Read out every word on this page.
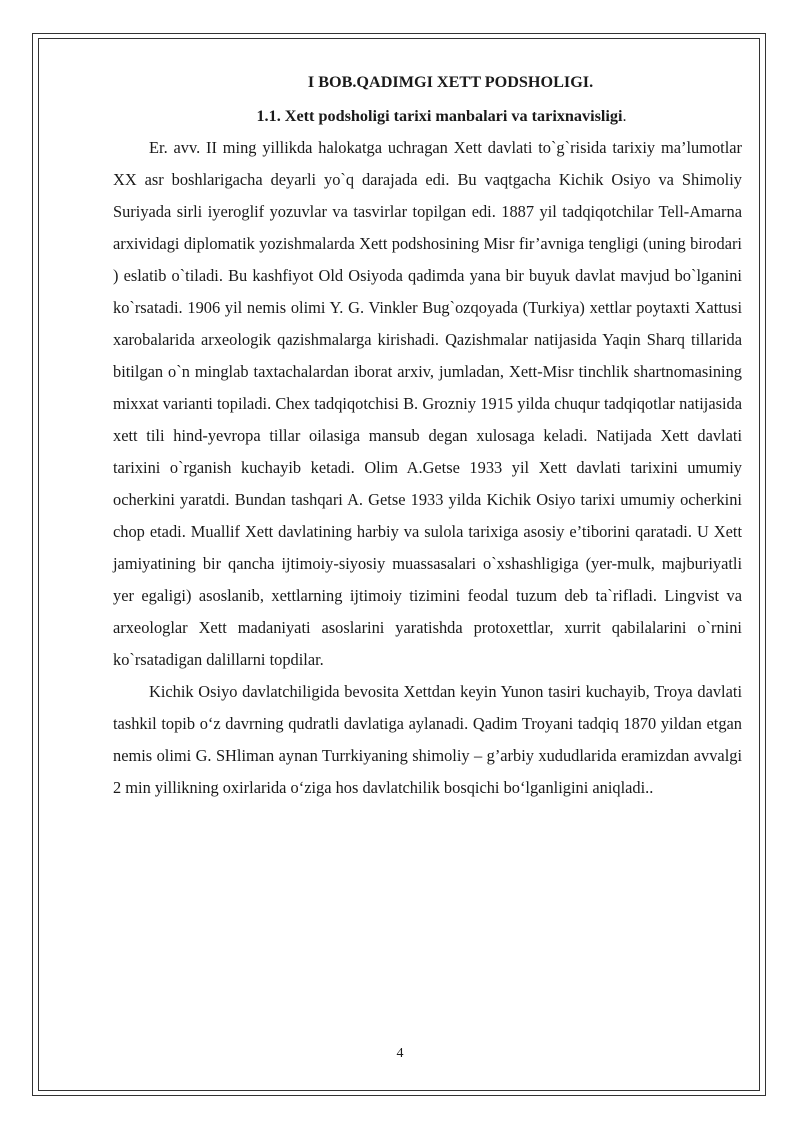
I BOB.QADIMGI XETT PODSHOLIGI.
1.1. Xett podsholigi tarixi manbalari va tarixnavisligi.

Er. avv. II ming yillikda halokatga uchragan Xett davlati to`g`risida tarixiy ma’lumotlar XX asr boshlarigacha deyarli yo`q darajada edi. Bu vaqtgacha Kichik Osiyo va Shimoliy Suriyada sirli iyeroglif yozuvlar va tasvirlar topilgan edi. 1887 yil tadqiqotchilar Tell-Amarna arxividagi diplomatik yozishmalarda Xett podshosining Misr fir’avniga tengligi (uning birodari ) eslatib o`tiladi. Bu kashfiyot Old Osiyoda qadimda yana bir buyuk davlat mavjud bo`lganini ko`rsatadi. 1906 yil nemis olimi Y. G. Vinkler Bug`ozqoyada (Turkiya) xettlar poytaxti Xattusi xarobalarida arxeologik qazishmalarga kirishadi. Qazishmalar natijasida Yaqin Sharq tillarida bitilgan o`n minglab taxtachalardan iborat arxiv, jumladan, Xett-Misr tinchlik shartnomasining mixxat varianti topiladi. Chex tadqiqotchisi B. Grozniy 1915 yilda chuqur tadqiqotlar natijasida xett tili hind-yevropa tillar oilasiga mansub degan xulosaga keladi. Natijada Xett davlati tarixini o`rganish kuchayib ketadi. Olim A.Getse 1933 yil Xett davlati tarixini umumiy ocherkini yaratdi. Bundan tashqari A. Getse 1933 yilda Kichik Osiyo tarixi umumiy ocherkini chop etadi. Muallif Xett davlatining harbiy va sulola tarixiga asosiy e’tiborini qaratadi. U Xett jamiyatining bir qancha ijtimoiy-siyosiy muassasalari o`xshashligiga (yer-mulk, majburiyatli yer egaligi) asoslanib, xettlarning ijtimoiy tizimini feodal tuzum deb ta`rifladi. Lingvist va arxeologlar Xett madaniyati asoslarini yaratishda protoxettlar, xurrit qabilalarini o`rnini ko`rsatadigan dalillarni topdilar.

Kichik Osiyo davlatchiligida bevosita Xettdan keyin Yunon tasiri kuchayib, Troya davlati tashkil topib o‘z davrning qudratli davlatiga aylanadi. Qadim Troyani tadqiq 1870 yildan etgan nemis olimi G. SHliman aynan Turrkiyaning shimoliy – g’arbiy xududlarida eramizdan avvalgi 2 min yillikning oxirlarida o‘ziga hos davlatchilik bosqichi bo‘lganligini aniqladi..

4
